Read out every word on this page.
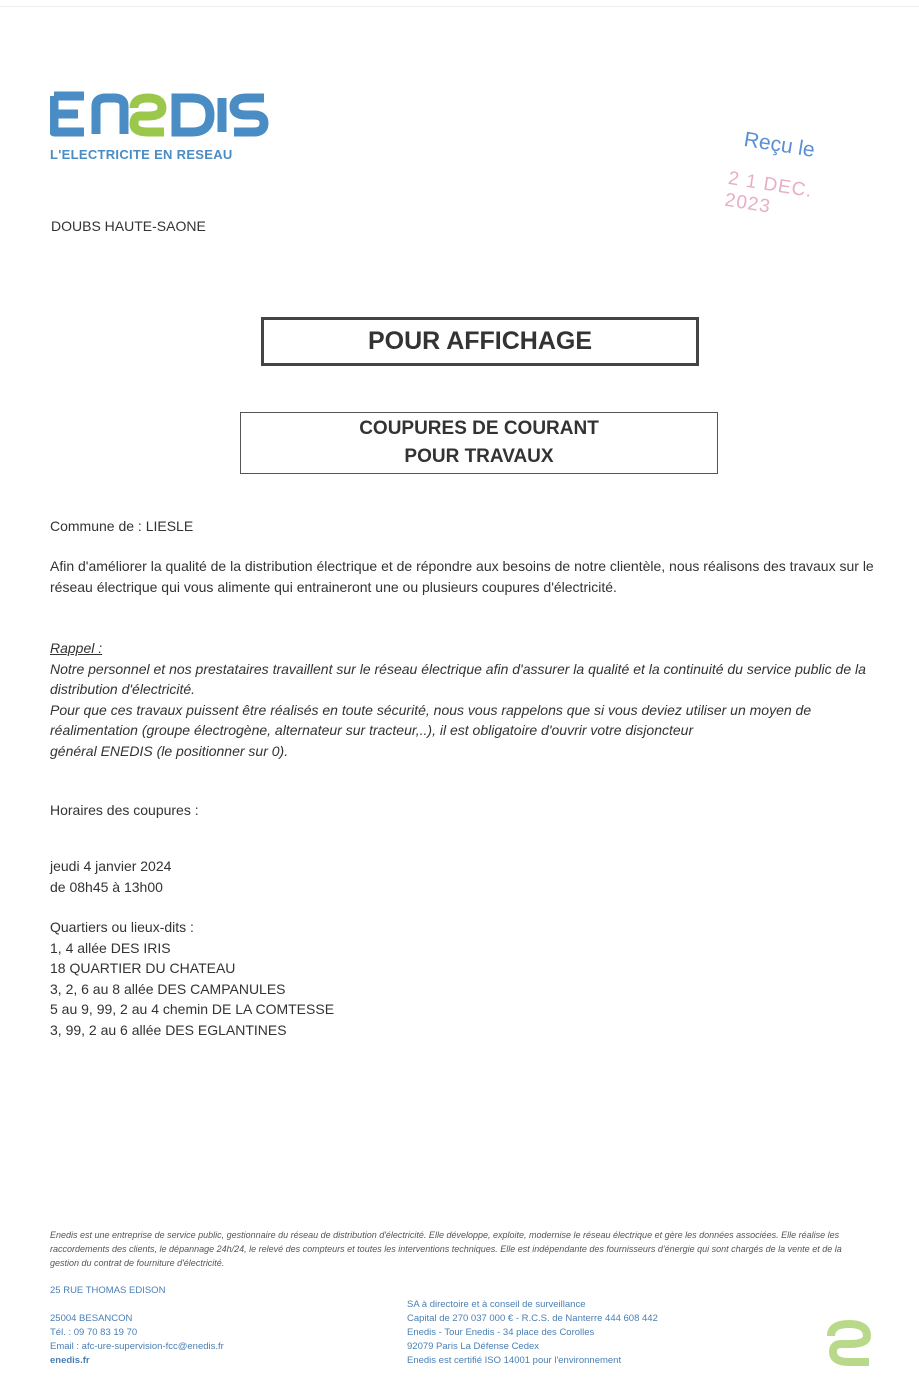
L'ELECTRICITE EN RESEAU	Reçu le
2 1 DEC. 2023
DOUBS HAUTE-SAONE
POUR AFFICHAGE
COUPURES DE COURANT
POUR TRAVAUX
Commune de : LIESLE
Afin d'améliorer la qualité de la distribution électrique et de répondre aux besoins de notre clientèle, nous réalisons des travaux sur le réseau électrique qui vous alimente qui entraineront une ou plusieurs coupures d'électricité.
Rappel :
Notre personnel et nos prestataires travaillent sur le réseau électrique afin d'assurer la qualité et la continuité du service public de la distribution d'électricité.
Pour que ces travaux puissent être réalisés en toute sécurité, nous vous rappelons que si vous deviez utiliser un moyen de réalimentation (groupe électrogène, alternateur sur tracteur,..), il est obligatoire d'ouvrir votre disjoncteur
général ENEDIS (le positionner sur 0).
Horaires des coupures :
jeudi 4 janvier 2024
de 08h45 à 13h00
Quartiers ou lieux-dits :
1, 4 allée DES IRIS
18 QUARTIER DU CHATEAU
3, 2, 6 au 8 allée DES CAMPANULES
5 au 9, 99, 2 au 4 chemin DE LA COMTESSE
3, 99, 2 au 6 allée DES EGLANTINES
Enedis est une entreprise de service public, gestionnaire du réseau de distribution d'électricité. Elle développe, exploite, modernise le réseau électrique et gère les données associées. Elle réalise les raccordements des clients, le dépannage 24h/24, le relevé des compteurs et toutes les interventions techniques. Elle est indépendante des fournisseurs d'énergie qui sont chargés de la vente et de la gestion du contrat de fourniture d'électricité.
25 RUE THOMAS EDISON
25004 BESANCON
Tél. : 09 70 83 19 70
Email : afc-ure-supervision-fcc@enedis.fr
enedis.fr
SA à directoire et à conseil de surveillance
Capital de 270 037 000 € - R.C.S. de Nanterre 444 608 442
Enedis - Tour Enedis - 34 place des Corolles
92079 Paris La Défense Cedex
Enedis est certifié ISO 14001 pour l'environnement
